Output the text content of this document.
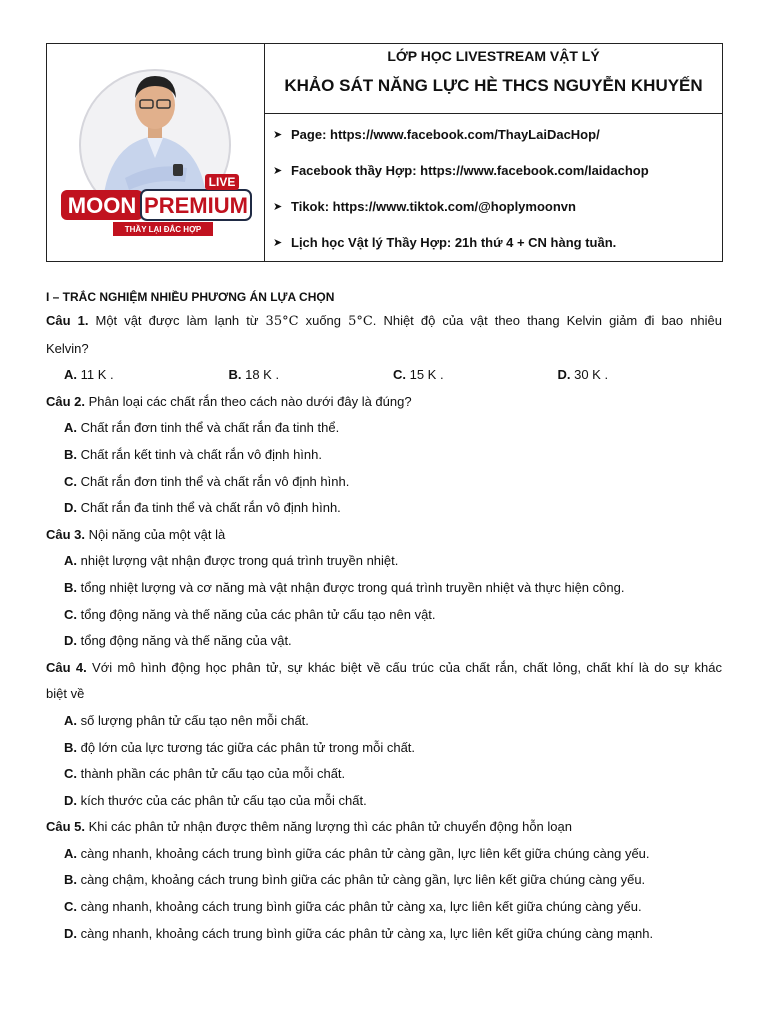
MOON PREMIUM
LIVE
THẦY LẠI ĐẮC HỢP
LỚP HỌC LIVESTREAM VẬT LÝ
KHẢO SÁT NĂNG LỰC HÈ THCS NGUYỄN KHUYẾN
➤ Page: https://www.facebook.com/ThayLaiDacHop/
➤ Facebook thầy Hợp: https://www.facebook.com/laidachop
➤ Tikok: https://www.tiktok.com/@hoplymoonvn
➤ Lịch học Vật lý Thầy Hợp: 21h thứ 4 + CN hàng tuần.
I – TRẮC NGHIỆM NHIỀU PHƯƠNG ÁN LỰA CHỌN
Câu 1. Một vật được làm lạnh từ 35°C xuống 5°C. Nhiệt độ của vật theo thang Kelvin giảm đi bao nhiêu
Kelvin?
A. 11 K .	B. 18 K .	C. 15 K .	D. 30 K .
Câu 2. Phân loại các chất rắn theo cách nào dưới đây là đúng?
A. Chất rắn đơn tinh thể và chất rắn đa tinh thể.
B. Chất rắn kết tinh và chất rắn vô định hình.
C. Chất rắn đơn tinh thể và chất rắn vô định hình.
D. Chất rắn đa tinh thể và chất rắn vô định hình.
Câu 3. Nội năng của một vật là
A. nhiệt lượng vật nhận được trong quá trình truyền nhiệt.
B. tổng nhiệt lượng và cơ năng mà vật nhận được trong quá trình truyền nhiệt và thực hiện công.
C. tổng động năng và thế năng của các phân tử cấu tạo nên vật.
D. tổng động năng và thế năng của vật.
Câu 4. Với mô hình động học phân tử, sự khác biệt về cấu trúc của chất rắn, chất lỏng, chất khí là do sự khác
biệt về
A. số lượng phân tử cấu tạo nên mỗi chất.
B. độ lớn của lực tương tác giữa các phân tử trong mỗi chất.
C. thành phần các phân tử cấu tạo của mỗi chất.
D. kích thước của các phân tử cấu tạo của mỗi chất.
Câu 5. Khi các phân tử nhận được thêm năng lượng thì các phân tử chuyển động hỗn loạn
A. càng nhanh, khoảng cách trung bình giữa các phân tử càng gần, lực liên kết giữa chúng càng yếu.
B. càng chậm, khoảng cách trung bình giữa các phân tử càng gần, lực liên kết giữa chúng càng yếu.
C. càng nhanh, khoảng cách trung bình giữa các phân tử càng xa, lực liên kết giữa chúng càng yếu.
D. càng nhanh, khoảng cách trung bình giữa các phân tử càng xa, lực liên kết giữa chúng càng mạnh.
